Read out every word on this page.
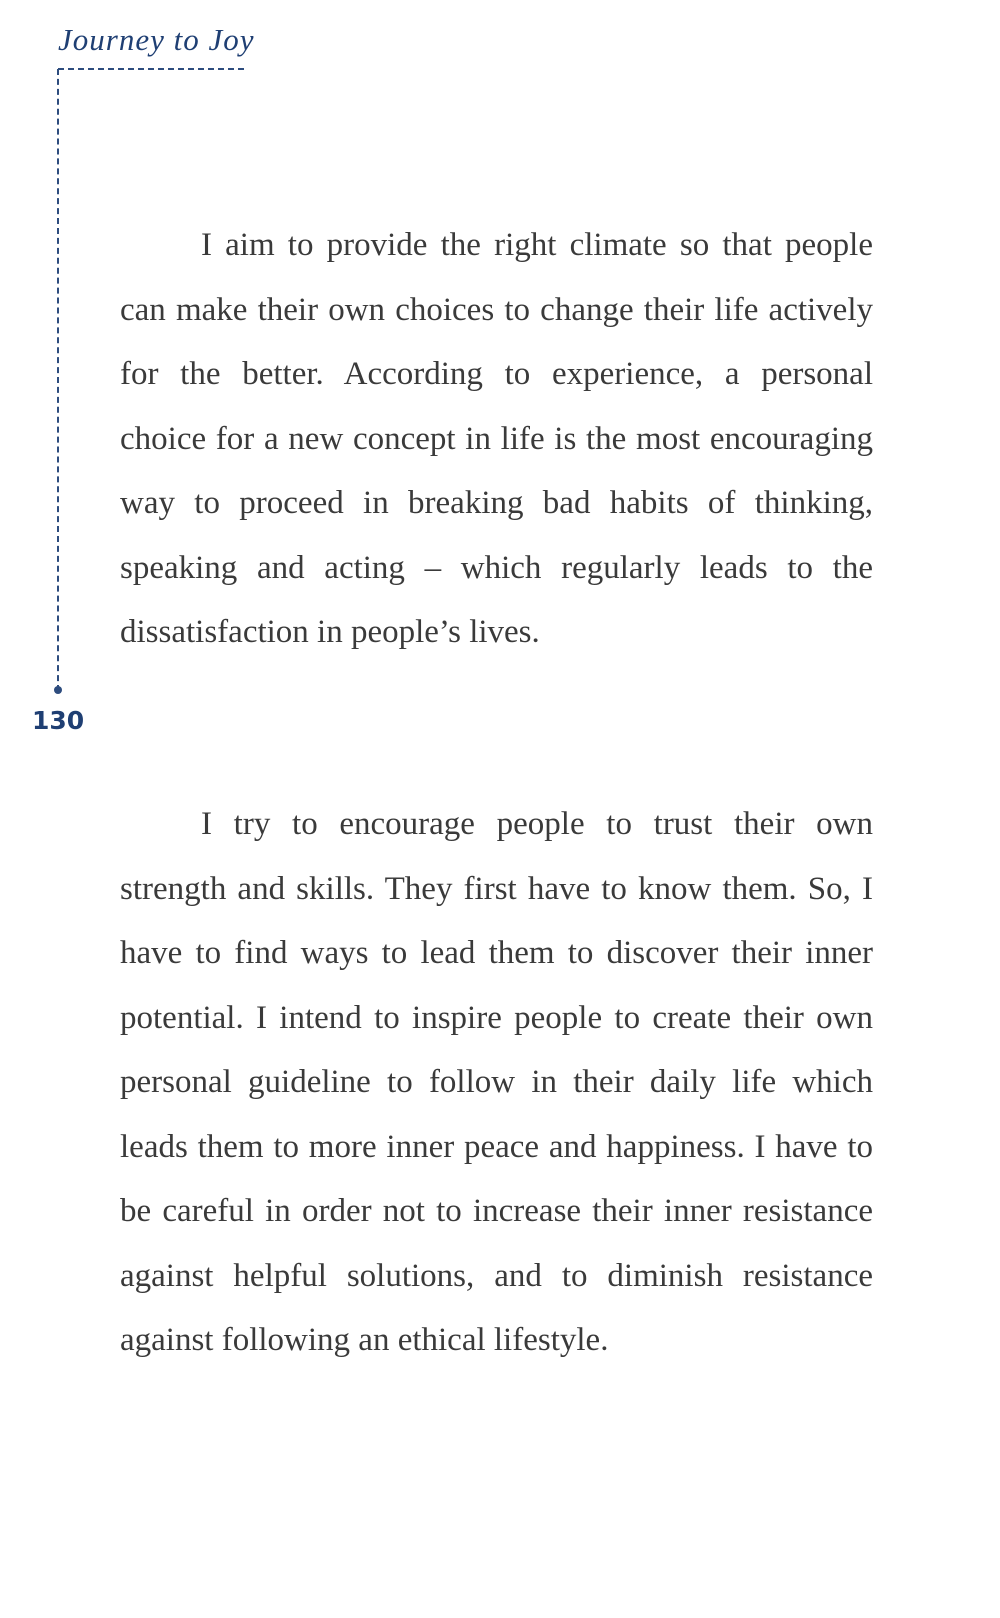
Journey to Joy
130

I aim to provide the right climate so that people can make their own choices to change their life actively for the better. According to experience, a personal choice for a new concept in life is the most encouraging way to proceed in breaking bad habits of thinking, speaking and acting – which regularly leads to the dissatisfaction in people’s lives.

I try to encourage people to trust their own strength and skills. They first have to know them. So, I have to find ways to lead them to discover their inner potential. I intend to inspire people to create their own personal guideline to follow in their daily life which leads them to more inner peace and happiness. I have to be careful in order not to increase their inner resistance against helpful solutions, and to diminish resistance against following an ethical lifestyle.
